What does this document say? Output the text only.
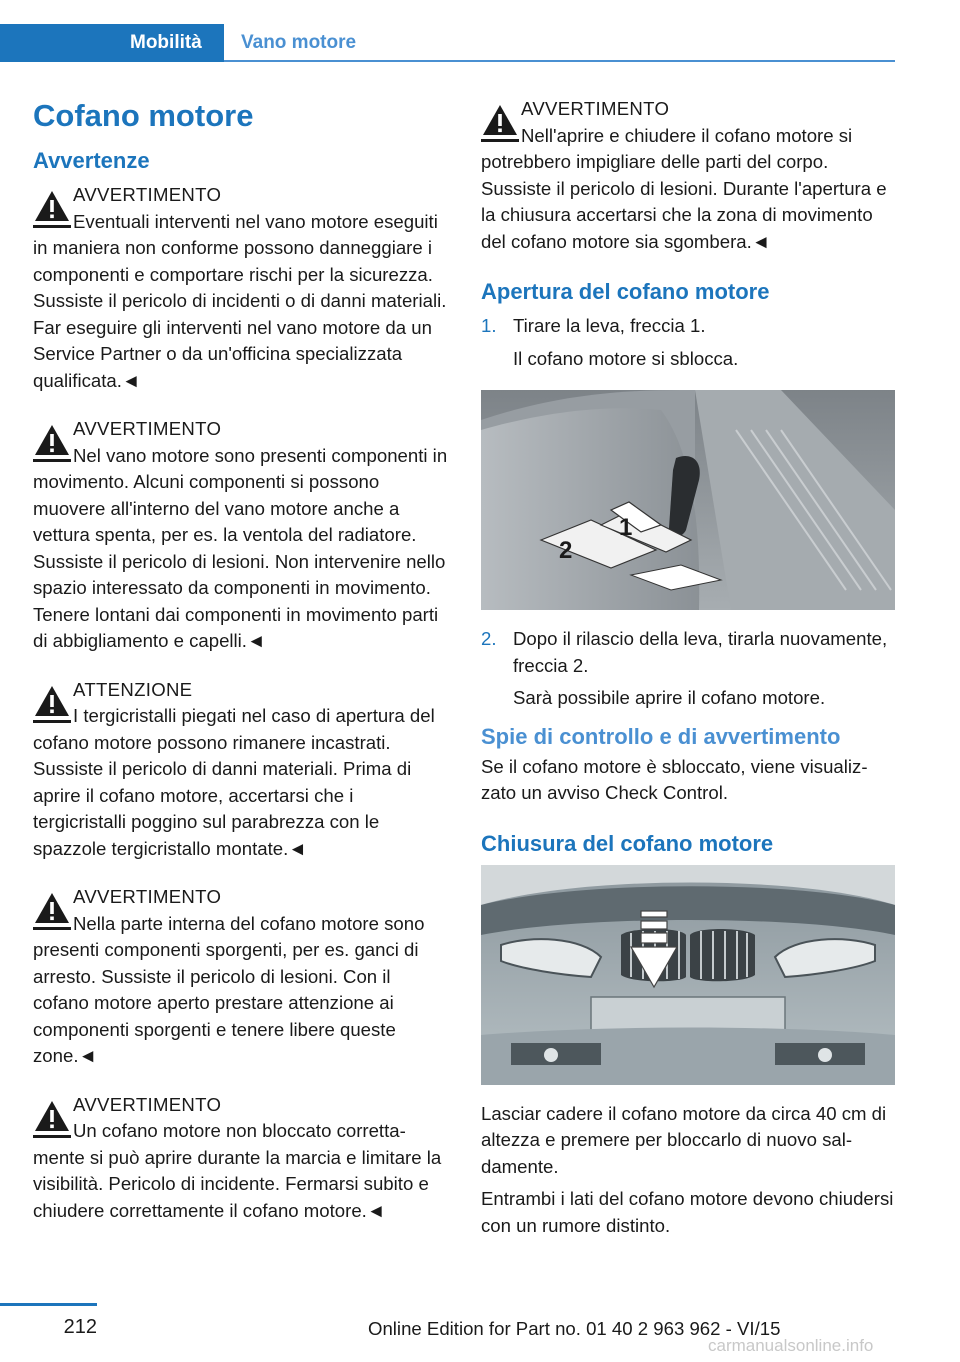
Mobilità	Vano motore
Cofano motore
Avvertenze
AVVERTIMENTO
Eventuali interventi nel vano motore eseguiti in maniera non conforme possono danneggiare i componenti e comportare rischi per la sicurezza. Sussiste il pericolo di incidenti o di danni materiali. Far eseguire gli interventi nel vano motore da un Service Partner o da un'officina specializzata qualificata.◄
AVVERTIMENTO
Nel vano motore sono presenti componenti in movimento. Alcuni componenti si possono muovere all'interno del vano motore anche a vettura spenta, per es. la ventola del radiatore. Sussiste il pericolo di lesioni. Non intervenire nello spazio interessato da componenti in movimento. Tenere lontani dai componenti in movimento parti di abbigliamento e capelli.◄
ATTENZIONE
I tergicristalli piegati nel caso di apertura del cofano motore possono rimanere incastrati. Sussiste il pericolo di danni materiali. Prima di aprire il cofano motore, accertarsi che i tergicristalli poggino sul parabrezza con le spazzole tergicristallo montate.◄
AVVERTIMENTO
Nella parte interna del cofano motore sono presenti componenti sporgenti, per es. ganci di arresto. Sussiste il pericolo di lesioni. Con il cofano motore aperto prestare attenzione ai componenti sporgenti e tenere libere queste zone.◄
AVVERTIMENTO
Un cofano motore non bloccato correttamente si può aprire durante la marcia e limitare la visibilità. Pericolo di incidente. Fermarsi subito e chiudere correttamente il cofano motore.◄
AVVERTIMENTO
Nell'aprire e chiudere il cofano motore si potrebbero impigliare delle parti del corpo. Sussiste il pericolo di lesioni. Durante l'apertura e la chiusura accertarsi che la zona di movimento del cofano motore sia sgombera.◄
Apertura del cofano motore
1. Tirare la leva, freccia 1.
Il cofano motore si sblocca.
1
2
2. Dopo il rilascio della leva, tirarla nuovamente, freccia 2.
Sarà possibile aprire il cofano motore.
Spie di controllo e di avvertimento
Se il cofano motore è sbloccato, viene visualizzato un avviso Check Control.
Chiusura del cofano motore
Lasciar cadere il cofano motore da circa 40 cm di altezza e premere per bloccarlo di nuovo saldamente.
Entrambi i lati del cofano motore devono chiudersi con un rumore distinto.
212	Online Edition for Part no. 01 40 2 963 962 - VI/15
carmanualsonline.info
